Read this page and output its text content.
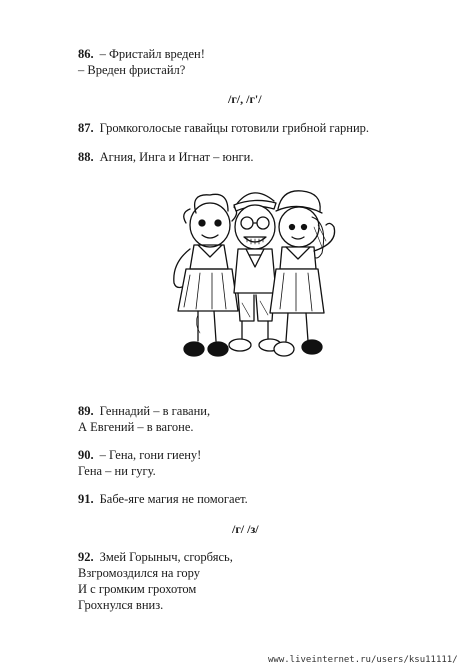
86. – Фристайл вреден!
– Вреден фристайл?
/г/, /г'/
87. Громкоголосые гавайцы готовили грибной гарнир.
88. Агния, Инга и Игнат – юнги.
89. Геннадий – в гавани,
А Евгений – в вагоне.
90. – Гена, гони гиену!
Гена – ни гугу.
91. Бабе-яге магия не помогает.
/г/ /з/
92. Змей Горыныч, сгорбясь,
Взгромоздился на гору
И с громким грохотом
Грохнулся вниз.
www.liveinternet.ru/users/ksu11111/
